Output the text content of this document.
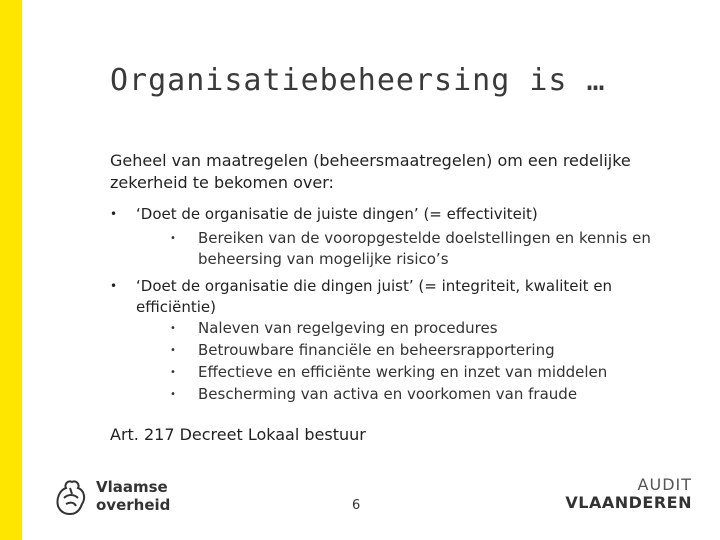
Organisatiebeheersing is …
Geheel van maatregelen (beheersmaatregelen) om een redelijke zekerheid te bekomen over:
• ‘Doet de organisatie de juiste dingen’ (= effectiviteit)
• Bereiken van de vooropgestelde doelstellingen en kennis en beheersing van mogelijke risico’s
• ‘Doet de organisatie die dingen juist’ (= integriteit, kwaliteit en efficiëntie)
• Naleven van regelgeving en procedures
• Betrouwbare financiële en beheersrapportering
• Effectieve en efficiënte werking en inzet van middelen
• Bescherming van activa en voorkomen van fraude
Art. 217 Decreet Lokaal bestuur
Vlaamse
overheid	6
AUDIT
VLAANDEREN
